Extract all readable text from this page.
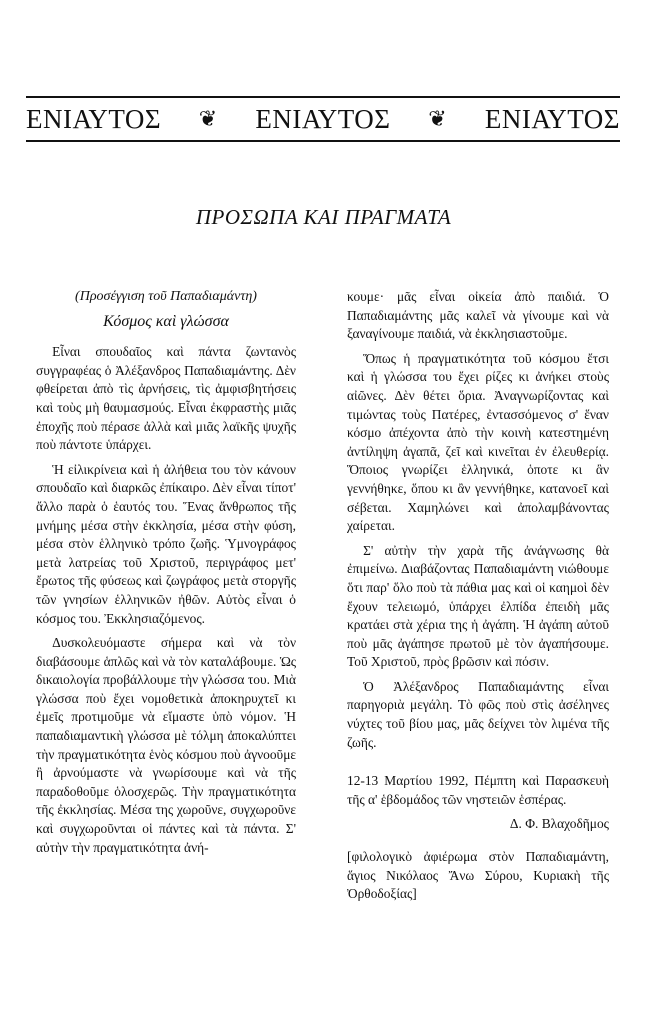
ΕΝΙΑΥΤΟΣ ❦ ΕΝΙΑΥΤΟΣ ❦ ΕΝΙΑΥΤΟΣ
ΠΡΟΣΩΠΑ ΚΑΙ ΠΡΑΓΜΑΤΑ

(Προσέγγιση τοῦ Παπαδιαμάντη)

Κόσμος καὶ γλώσσα

Εἶναι σπουδαῖος καὶ πάντα ζωντανὸς συγγραφέας ὁ Ἀλέξανδρος Παπαδιαμάντης. Δὲν φθείρεται ἀπὸ τὶς ἀρνήσεις, τὶς ἀμφισβητήσεις καὶ τοὺς μὴ θαυμασμούς. Εἶναι ἐκφραστὴς μιᾶς ἐποχῆς ποὺ πέρασε ἀλλὰ καὶ μιᾶς λαϊκῆς ψυχῆς ποὺ πάντοτε ὑπάρχει.

Ἡ εἰλικρίνεια καὶ ἡ ἀλήθεια του τὸν κάνουν σπουδαῖο καὶ διαρκῶς ἐπίκαιρο. Δὲν εἶναι τίποτ' ἄλλο παρὰ ὁ ἑαυτός του. Ἕνας ἄνθρωπος τῆς μνήμης μέσα στὴν ἐκκλησία, μέσα στὴν φύση, μέσα στὸν ἑλληνικὸ τρόπο ζωῆς. Ὑμνογράφος μετὰ λατρείας τοῦ Χριστοῦ, περιγράφος μετ' ἔρωτος τῆς φύσεως καὶ ζωγράφος μετὰ στοργῆς τῶν γνησίων ἑλληνικῶν ἠθῶν. Αὐτὸς εἶναι ὁ κόσμος του. Ἐκκλησιαζόμενος.

Δυσκολευόμαστε σήμερα καὶ νὰ τὸν διαβάσουμε ἁπλῶς καὶ νὰ τὸν καταλάβουμε. Ὡς δικαιολογία προβάλλουμε τὴν γλώσσα του. Μιὰ γλώσσα ποὺ ἔχει νομοθετικὰ ἀποκηρυχτεῖ κι ἐμεῖς προτιμοῦμε νὰ εἴμαστε ὑπὸ νόμον. Ἡ παπαδιαμαντικὴ γλώσσα μὲ τόλμη ἀποκαλύπτει τὴν πραγματικότητα ἑνὸς κόσμου ποὺ ἀγνοοῦμε ἢ ἀρνούμαστε νὰ γνωρίσουμε καὶ νὰ τῆς παραδοθοῦμε ὁλοσχερῶς. Τὴν πραγματικότητα τῆς ἐκκλησίας. Μέσα της χωροῦνε, συγχωροῦνε καὶ συγχωροῦνται οἱ πάντες καὶ τὰ πάντα. Σ' αὐτὴν τὴν πραγματικότητα ἀνή-

κουμε· μᾶς εἶναι οἰκεία ἀπὸ παιδιά. Ὁ Παπαδιαμάντης μᾶς καλεῖ νὰ γίνουμε καὶ νὰ ξαναγίνουμε παιδιά, νὰ ἐκκλησιαστοῦμε.

Ὅπως ἡ πραγματικότητα τοῦ κόσμου ἔτσι καὶ ἡ γλώσσα του ἔχει ρίζες κι ἀνήκει στοὺς αἰῶνες. Δὲν θέτει ὅρια. Ἀναγνωρίζοντας καὶ τιμώντας τοὺς Πατέρες, ἐντασσόμενος σ' ἕναν κόσμο ἀπέχοντα ἀπὸ τὴν κοινὴ κατεστημένη ἀντίληψη ἀγαπᾶ, ζεῖ καὶ κινεῖται ἐν ἐλευθερίᾳ. Ὅποιος γνωρίζει ἑλληνικά, ὁποτε κι ἂν γεννήθηκε, ὅπου κι ἂν γεννήθηκε, κατανοεῖ καὶ σέβεται. Χαμηλώνει καὶ ἀπολαμβάνοντας χαίρεται.

Σ' αὐτὴν τὴν χαρὰ τῆς ἀνάγνωσης θὰ ἐπιμείνω. Διαβάζοντας Παπαδιαμάντη νιώθουμε ὅτι παρ' ὅλο ποὺ τὰ πάθια μας καὶ οἱ καημοὶ δὲν ἔχουν τελειωμό, ὑπάρχει ἐλπίδα ἐπειδὴ μᾶς κρατάει στὰ χέρια της ἡ ἀγάπη. Ἡ ἀγάπη αὐτοῦ ποὺ μᾶς ἀγάπησε πρωτοῦ μὲ τὸν ἀγαπήσουμε. Τοῦ Χριστοῦ, πρὸς βρῶσιν καὶ πόσιν.

Ὁ Ἀλέξανδρος Παπαδιαμάντης εἶναι παρηγοριὰ μεγάλη. Τὸ φῶς ποὺ στὶς ἀσέληνες νύχτες τοῦ βίου μας, μᾶς δείχνει τὸν λιμένα τῆς ζωῆς.

12-13 Μαρτίου 1992, Πέμπτη καὶ Παρασκευὴ τῆς α' ἑβδομάδος τῶν νηστειῶν ἑσπέρας.

Δ. Φ. Βλαχοδῆμος

[φιλολογικὸ ἀφιέρωμα στὸν Παπαδιαμάντη, ἅγιος Νικόλαος Ἄνω Σύρου, Κυριακὴ τῆς Ὀρθοδοξίας]
